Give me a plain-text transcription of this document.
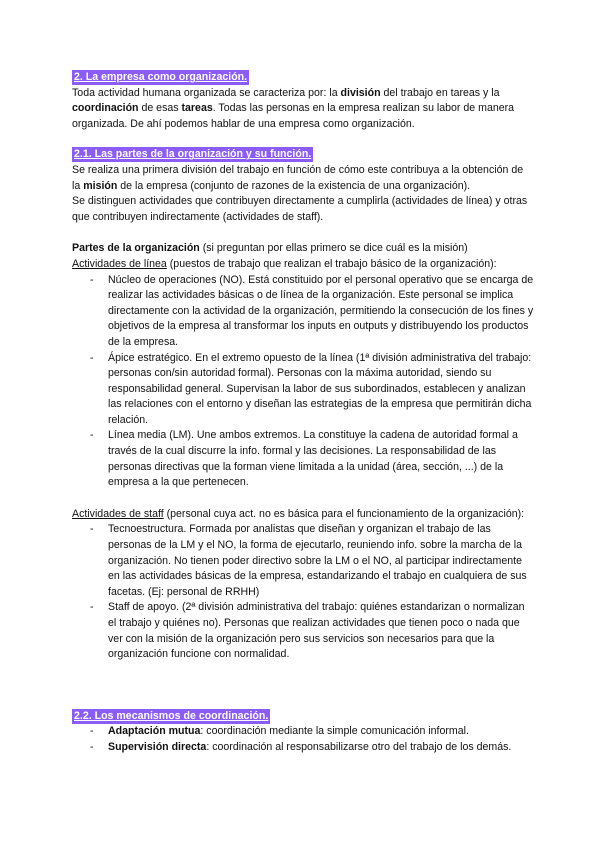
2. La empresa como organización.

Toda actividad humana organizada se caracteriza por: la división del trabajo en tareas y la coordinación de esas tareas. Todas las personas en la empresa realizan su labor de manera organizada. De ahí podemos hablar de una empresa como organización.

2.1. Las partes de la organización y su función.

Se realiza una primera división del trabajo en función de cómo este contribuya a la obtención de la misión de la empresa (conjunto de razones de la existencia de una organización).

Se distinguen actividades que contribuyen directamente a cumplirla (actividades de línea) y otras que contribuyen indirectamente (actividades de staff).

Partes de la organización (si preguntan por ellas primero se dice cuál es la misión)

Actividades de línea (puestos de trabajo que realizan el trabajo básico de la organización):

- Núcleo de operaciones (NO). Está constituido por el personal operativo que se encarga de realizar las actividades básicas o de línea de la organización. Este personal se implica directamente con la actividad de la organización, permitiendo la consecución de los fines y objetivos de la empresa al transformar los inputs en outputs y distribuyendo los productos de la empresa.
- Ápice estratégico. En el extremo opuesto de la línea (1ª división administrativa del trabajo: personas con/sin autoridad formal). Personas con la máxima autoridad, siendo su responsabilidad general. Supervisan la labor de sus subordinados, establecen y analizan las relaciones con el entorno y diseñan las estrategias de la empresa que permitirán dicha relación.
- Línea media (LM). Une ambos extremos. La constituye la cadena de autoridad formal a través de la cual discurre la info. formal y las decisiones. La responsabilidad de las personas directivas que la forman viene limitada a la unidad (área, sección, ...) de la empresa a la que pertenecen.

Actividades de staff (personal cuya act. no es básica para el funcionamiento de la organización):

- Tecnoestructura. Formada por analistas que diseñan y organizan el trabajo de las personas de la LM y el NO, la forma de ejecutarlo, reuniendo info. sobre la marcha de la organización. No tienen poder directivo sobre la LM o el NO, al participar indirectamente en las actividades básicas de la empresa, estandarizando el trabajo en cualquiera de sus facetas. (Ej: personal de RRHH)
- Staff de apoyo. (2ª división administrativa del trabajo: quiénes estandarizan o normalizan el trabajo y quiénes no). Personas que realizan actividades que tienen poco o nada que ver con la misión de la organización pero sus servicios son necesarios para que la organización funcione con normalidad.
2.2. Los mecanismos de coordinación.
- Adaptación mutua: coordinación mediante la simple comunicación informal.
- Supervisión directa: coordinación al responsabilizarse otro del trabajo de los demás.
